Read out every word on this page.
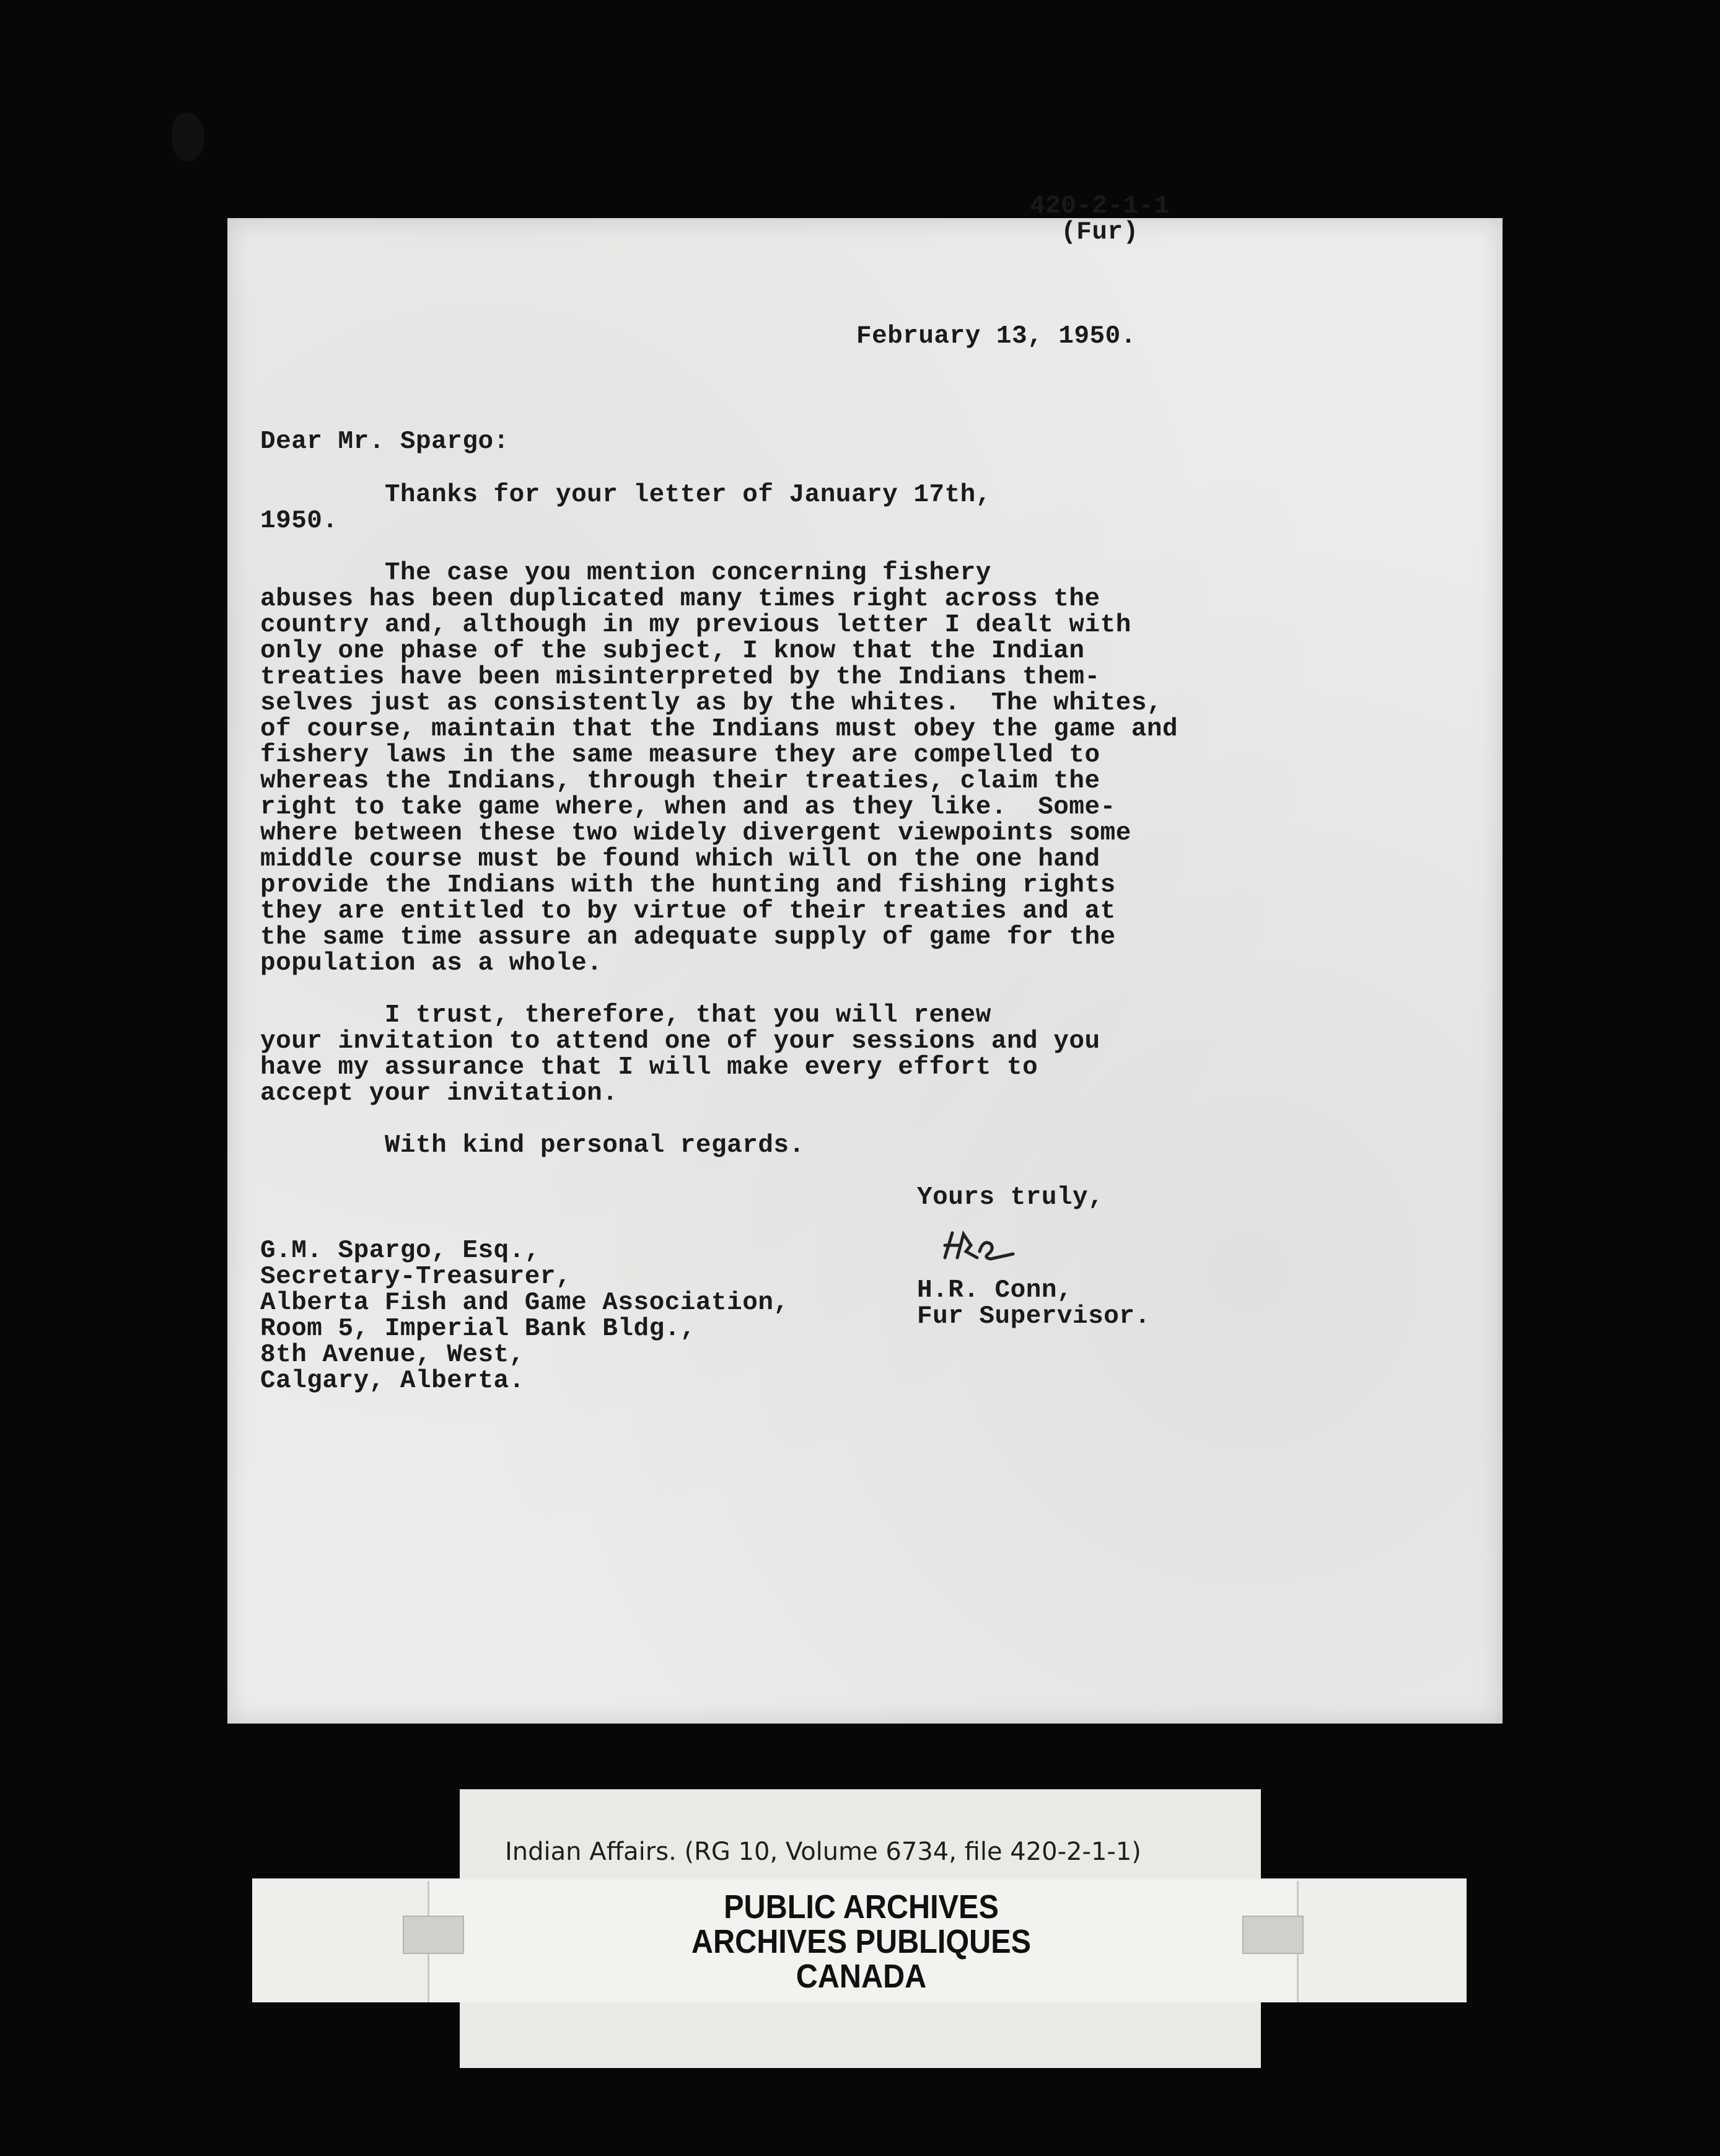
420-2-1-1
(Fur)
February 13, 1950.
Dear Mr. Spargo:
Thanks for your letter of January 17th,
1950.
The case you mention concerning fishery
abuses has been duplicated many times right across the
country and, although in my previous letter I dealt with
only one phase of the subject, I know that the Indian
treaties have been misinterpreted by the Indians them-
selves just as consistently as by the whites.  The whites,
of course, maintain that the Indians must obey the game and
fishery laws in the same measure they are compelled to
whereas the Indians, through their treaties, claim the
right to take game where, when and as they like.  Some-
where between these two widely divergent viewpoints some
middle course must be found which will on the one hand
provide the Indians with the hunting and fishing rights
they are entitled to by virtue of their treaties and at
the same time assure an adequate supply of game for the
population as a whole.
I trust, therefore, that you will renew
your invitation to attend one of your sessions and you
have my assurance that I will make every effort to
accept your invitation.
With kind personal regards.
Yours truly,
H.R. Conn,
Fur Supervisor.
G.M. Spargo, Esq.,
Secretary-Treasurer,
Alberta Fish and Game Association,
Room 5, Imperial Bank Bldg.,
8th Avenue, West,
Calgary, Alberta.
Indian Affairs. (RG 10, Volume 6734, file 420-2-1-1)
PUBLIC ARCHIVES
ARCHIVES PUBLIQUES
CANADA
